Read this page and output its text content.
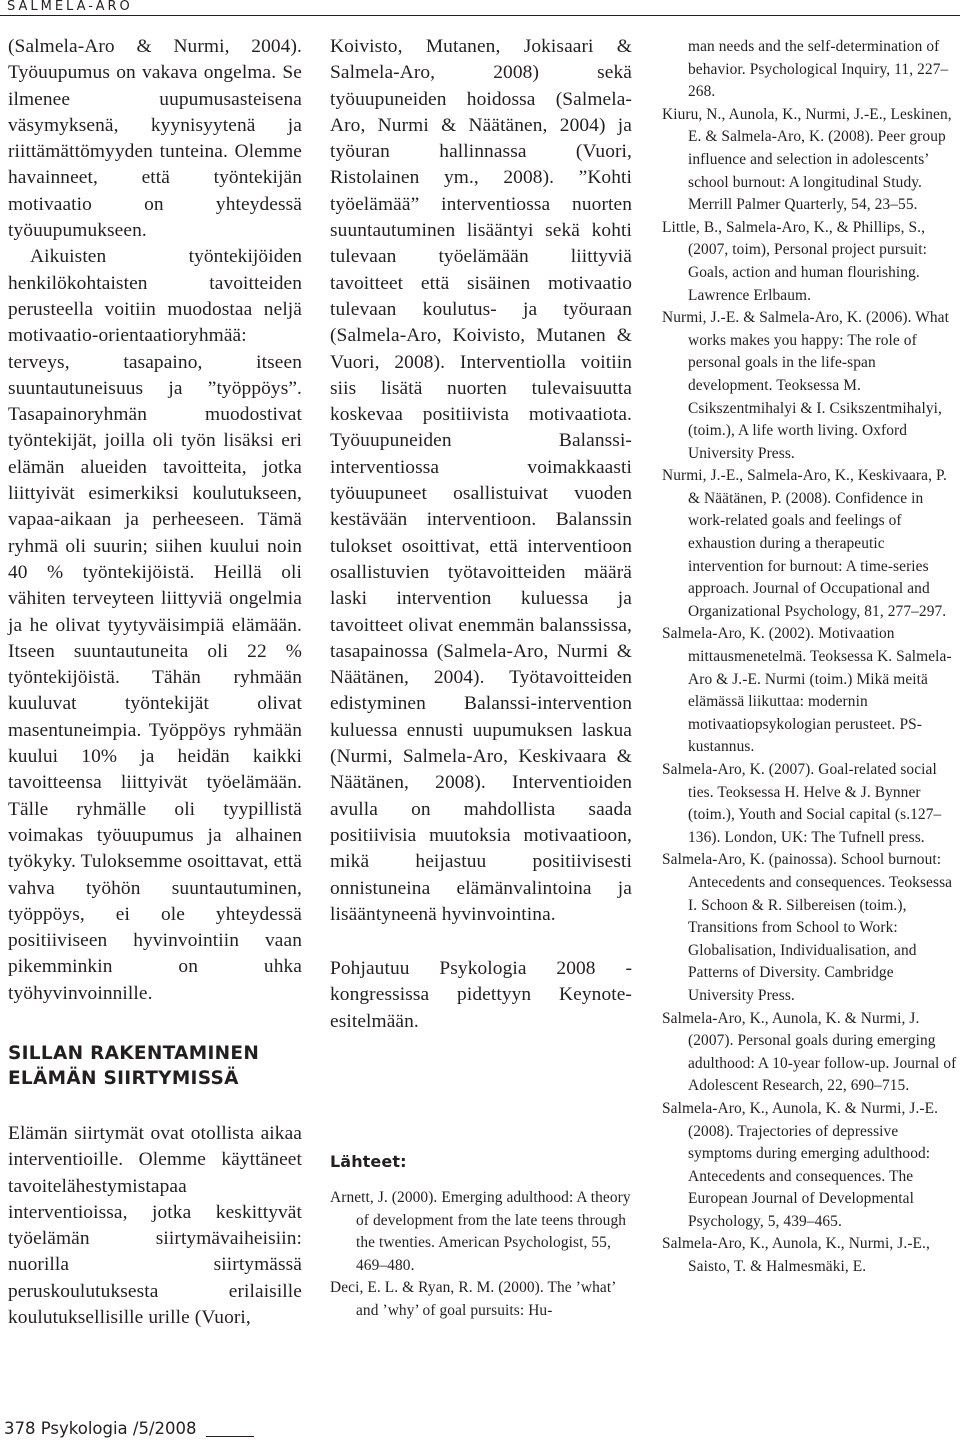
SALMELA-ARO

(Salmela-Aro & Nurmi, 2004). Työuupumus on vakava ongelma. Se ilmenee uupumusasteisena väsymyksenä, kyynisyytenä ja riittämättömyyden tunteina. Olemme havainneet, että työntekijän motivaatio on yhteydessä työuupumukseen.

Aikuisten työntekijöiden henkilökohtaisten tavoitteiden perusteella voitiin muodostaa neljä motivaatio-orientaatioryhmää: terveys, tasapaino, itseen suuntautuneisuus ja ”työppöys”. Tasapainoryhmän muodostivat työntekijät, joilla oli työn lisäksi eri elämän alueiden tavoitteita, jotka liittyivät esimerkiksi koulutukseen, vapaa-aikaan ja perheeseen. Tämä ryhmä oli suurin; siihen kuului noin 40 % työntekijöistä. Heillä oli vähiten terveyteen liittyviä ongelmia ja he olivat tyytyväisimpiä elämään. Itseen suuntautuneita oli 22 % työntekijöistä. Tähän ryhmään kuuluvat työntekijät olivat masentuneimpia. Työppöys ryhmään kuului 10% ja heidän kaikki tavoitteensa liittyivät työelämään. Tälle ryhmälle oli tyypillistä voimakas työuupumus ja alhainen työkyky. Tuloksemme osoittavat, että vahva työhön suuntautuminen, työppöys, ei ole yhteydessä positiiviseen hyvinvointiin vaan pikemminkin on uhka työhyvinvoinnille.

SILLAN RAKENTAMINEN
ELÄMÄN SIIRTYMISSÄ

Elämän siirtymät ovat otollista aikaa interventioille. Olemme käyttäneet tavoitelähestymistapaa interventioissa, jotka keskittyvät työelämän siirtymävaiheisiin: nuorilla siirtymässä peruskoulutuksesta erilaisille koulutuksellisille urille (Vuori,

Koivisto, Mutanen, Jokisaari & Salmela-Aro, 2008) sekä työuupuneiden hoidossa (Salmela-Aro, Nurmi & Näätänen, 2004) ja työuran hallinnassa (Vuori, Ristolainen ym., 2008). ”Kohti työelämää” interventiossa nuorten suuntautuminen lisääntyi sekä kohti tulevaan työelämään liittyviä tavoitteet että sisäinen motivaatio tulevaan koulutus- ja työuraan (Salmela-Aro, Koivisto, Mutanen & Vuori, 2008). Interventiolla voitiin siis lisätä nuorten tulevaisuutta koskevaa positiivista motivaatiota. Työuupuneiden Balanssi-interventiossa voimakkaasti työuupuneet osallistuivat vuoden kestävään interventioon. Balanssin tulokset osoittivat, että interventioon osallistuvien työtavoitteiden määrä laski intervention kuluessa ja tavoitteet olivat enemmän balanssissa, tasapainossa (Salmela-Aro, Nurmi & Näätänen, 2004). Työtavoitteiden edistyminen Balanssi-intervention kuluessa ennusti uupumuksen laskua (Nurmi, Salmela-Aro, Keskivaara & Näätänen, 2008). Interventioiden avulla on mahdollista saada positiivisia muutoksia motivaatioon, mikä heijastuu positiivisesti onnistuneina elämänvalintoina ja lisääntyneenä hyvinvointina.

Pohjautuu Psykologia 2008 -kongressissa pidettyyn Keynote-esitelmään.

Lähteet:

Arnett, J. (2000). Emerging adulthood: A theory of development from the late teens through the twenties. American Psychologist, 55, 469–480.

Deci, E. L. & Ryan, R. M. (2000). The ’what’ and ’why’ of goal pursuits: Hu-

man needs and the self-determination of behavior. Psychological Inquiry, 11, 227–268.

Kiuru, N., Aunola, K., Nurmi, J.-E., Leskinen, E. & Salmela-Aro, K. (2008). Peer group influence and selection in adolescents’ school burnout: A longitudinal Study. Merrill Palmer Quarterly, 54, 23–55.

Little, B., Salmela-Aro, K., & Phillips, S., (2007, toim), Personal project pursuit: Goals, action and human flourishing. Lawrence Erlbaum.

Nurmi, J.-E. & Salmela-Aro, K. (2006). What works makes you happy: The role of personal goals in the life-span development. Teoksessa M. Csikszentmihalyi & I. Csikszentmihalyi, (toim.), A life worth living. Oxford University Press.

Nurmi, J.-E., Salmela-Aro, K., Keskivaara, P. & Näätänen, P. (2008). Confidence in work-related goals and feelings of exhaustion during a therapeutic intervention for burnout: A time-series approach. Journal of Occupational and Organizational Psychology, 81, 277–297.

Salmela-Aro, K. (2002). Motivaation mittausmenetelmä. Teoksessa K. Salmela-Aro & J.-E. Nurmi (toim.) Mikä meitä elämässä liikuttaa: modernin motivaatiopsykologian perusteet. PS-kustannus.

Salmela-Aro, K. (2007). Goal-related social ties. Teoksessa H. Helve & J. Bynner (toim.), Youth and Social capital (s.127–136). London, UK: The Tufnell press.

Salmela-Aro, K. (painossa). School burnout: Antecedents and consequences. Teoksessa I. Schoon & R. Silbereisen (toim.), Transitions from School to Work: Globalisation, Individualisation, and Patterns of Diversity. Cambridge University Press.

Salmela-Aro, K., Aunola, K. & Nurmi, J. (2007). Personal goals during emerging adulthood: A 10-year follow-up. Journal of Adolescent Research, 22, 690–715.

Salmela-Aro, K., Aunola, K. & Nurmi, J.-E. (2008). Trajectories of depressive symptoms during emerging adulthood: Antecedents and consequences. The European Journal of Developmental Psychology, 5, 439–465.

Salmela-Aro, K., Aunola, K., Nurmi, J.-E., Saisto, T. & Halmesmäki, E.

378 Psykologia /5/2008
